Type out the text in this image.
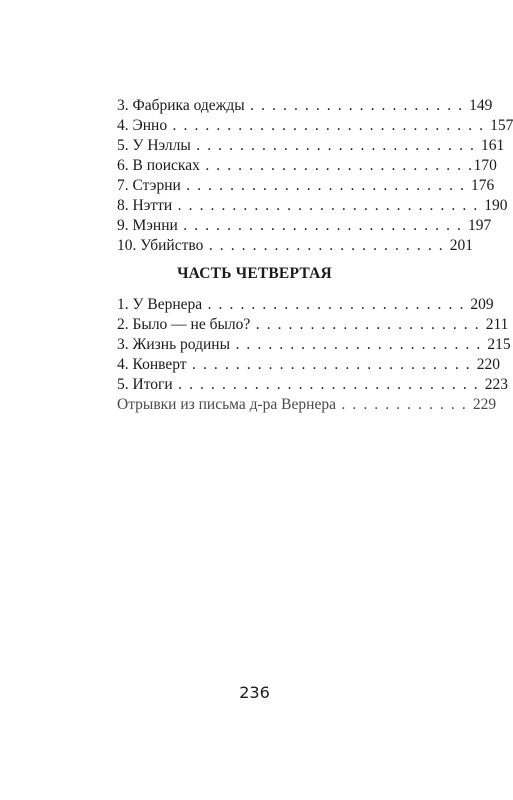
3. Фабрика одежды . . . . . . . . . . . . . . . . . . . . 149
4. Энно . . . . . . . . . . . . . . . . . . . . . . . . . . . . . 157
5. У Нэллы . . . . . . . . . . . . . . . . . . . . . . . . . . 161
6. В поисках . . . . . . . . . . . . . . . . . . . . . . . . .170
7. Стэрни . . . . . . . . . . . . . . . . . . . . . . . . . . 176
8. Нэтти . . . . . . . . . . . . . . . . . . . . . . . . . . . . 190
9. Мэнни . . . . . . . . . . . . . . . . . . . . . . . . . . 197
10. Убийство . . . . . . . . . . . . . . . . . . . . . . 201
ЧАСТЬ ЧЕТВЕРТАЯ
1. У Вернера . . . . . . . . . . . . . . . . . . . . . . . . 209
2. Было — не было? . . . . . . . . . . . . . . . . . . . . . 211
3. Жизнь родины . . . . . . . . . . . . . . . . . . . . . . . 215
4. Конверт . . . . . . . . . . . . . . . . . . . . . . . . . . 220
5. Итоги . . . . . . . . . . . . . . . . . . . . . . . . . . . . 223
Отрывки из письма д-ра Вернера . . . . . . . . . . . . 229
236
